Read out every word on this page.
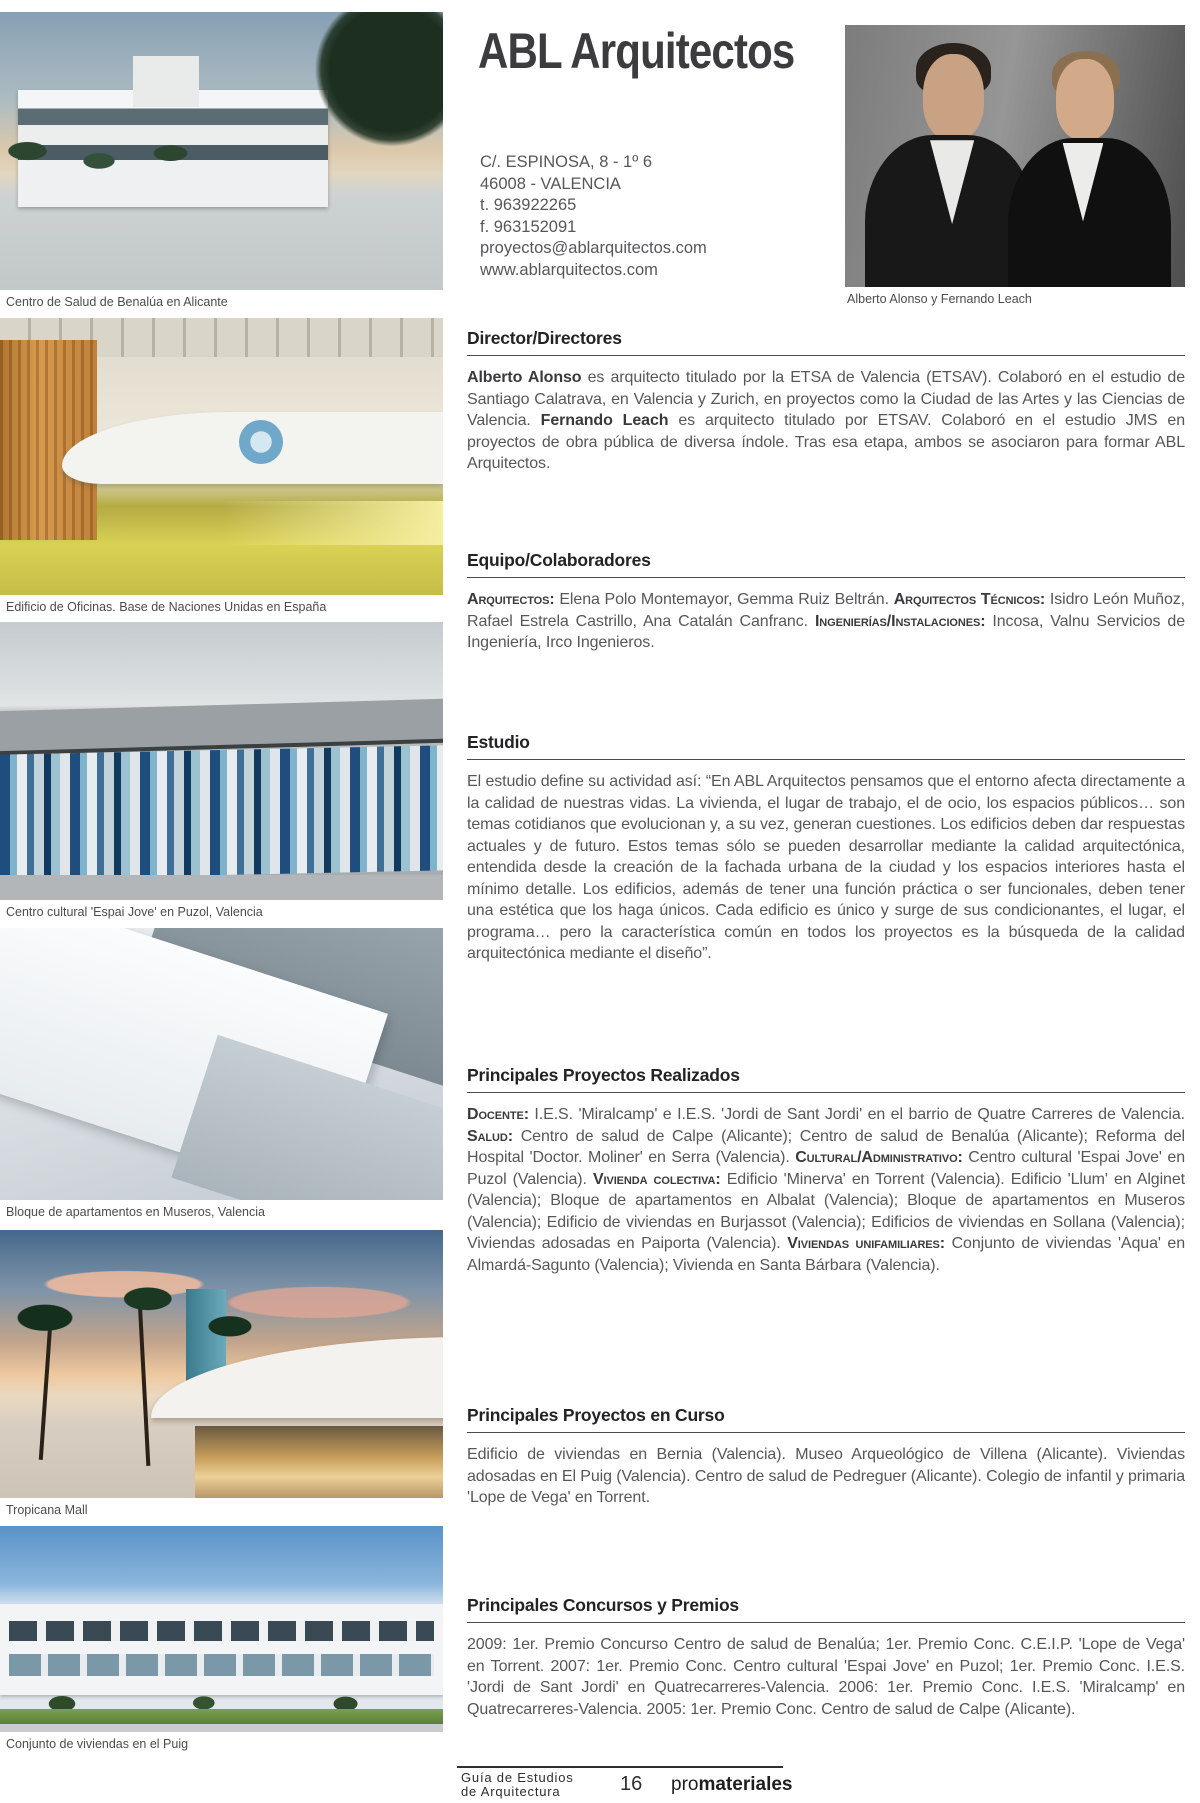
Centro de Salud de Benalúa en Alicante
Edificio de Oficinas. Base de Naciones Unidas en España
Centro cultural 'Espai Jove' en Puzol, Valencia
Bloque de apartamentos en Museros, Valencia
Tropicana Mall
Conjunto de viviendas en el Puig
ABL Arquitectos
C/. ESPINOSA, 8 - 1º 6
46008 - VALENCIA
t. 963922265
f. 963152091
proyectos@ablarquitectos.com
www.ablarquitectos.com
Alberto Alonso y Fernando Leach
Director/Directores

Alberto Alonso es arquitecto titulado por la ETSA de Valencia (ETSAV). Colaboró en el estudio de Santiago Calatrava, en Valencia y Zurich, en proyectos como la Ciudad de las Artes y las Ciencias de Valencia. Fernando Leach es arquitecto titulado por ETSAV. Colaboró en el estudio JMS en proyectos de obra pública de diversa índole. Tras esa etapa, ambos se asociaron para formar ABL Arquitectos.

Equipo/Colaboradores

Arquitectos: Elena Polo Montemayor, Gemma Ruiz Beltrán. Arquitectos Técnicos: Isidro León Muñoz, Rafael Estrela Castrillo, Ana Catalán Canfranc. Ingenierías/Instalaciones: Incosa, Valnu Servicios de Ingeniería, Irco Ingenieros.

Estudio

El estudio define su actividad así: “En ABL Arquitectos pensamos que el entorno afecta directamente a la calidad de nuestras vidas. La vivienda, el lugar de trabajo, el de ocio, los espacios públicos… son temas cotidianos que evolucionan y, a su vez, generan cuestiones. Los edificios deben dar respuestas actuales y de futuro. Estos temas sólo se pueden desarrollar mediante la calidad arquitectónica, entendida desde la creación de la fachada urbana de la ciudad y los espacios interiores hasta el mínimo detalle. Los edificios, además de tener una función práctica o ser funcionales, deben tener una estética que los haga únicos. Cada edificio es único y surge de sus condicionantes, el lugar, el programa… pero la característica común en todos los proyectos es la búsqueda de la calidad arquitectónica mediante el diseño”.

Principales Proyectos Realizados

Docente: I.E.S. 'Miralcamp' e I.E.S. 'Jordi de Sant Jordi' en el barrio de Quatre Carreres de Valencia. Salud: Centro de salud de Calpe (Alicante); Centro de salud de Benalúa (Alicante); Reforma del Hospital 'Doctor. Moliner' en Serra (Valencia). Cultural/Administrativo: Centro cultural 'Espai Jove' en Puzol (Valencia). Vivienda colectiva: Edificio 'Minerva' en Torrent (Valencia). Edificio 'Llum' en Alginet (Valencia); Bloque de apartamentos en Albalat (Valencia); Bloque de apartamentos en Museros (Valencia); Edificio de viviendas en Burjassot (Valencia); Edificios de viviendas en Sollana (Valencia); Viviendas adosadas en Paiporta (Valencia). Viviendas unifamiliares: Conjunto de viviendas 'Aqua' en Almardá-Sagunto (Valencia); Vivienda en Santa Bárbara (Valencia).

Principales Proyectos en Curso

Edificio de viviendas en Bernia (Valencia). Museo Arqueológico de Villena (Alicante). Viviendas adosadas en El Puig (Valencia). Centro de salud de Pedreguer (Alicante). Colegio de infantil y primaria 'Lope de Vega' en Torrent.

Principales Concursos y Premios

2009: 1er. Premio Concurso Centro de salud de Benalúa; 1er. Premio Conc. C.E.I.P. 'Lope de Vega' en Torrent. 2007: 1er. Premio Conc. Centro cultural 'Espai Jove' en Puzol; 1er. Premio Conc. I.E.S. 'Jordi de Sant Jordi' en Quatrecarreres-Valencia. 2006: 1er. Premio Conc. I.E.S. 'Miralcamp' en Quatrecarreres-Valencia. 2005: 1er. Premio Conc. Centro de salud de Calpe (Alicante).

Guía de Estudios
de Arquitectura	16 promateriales
